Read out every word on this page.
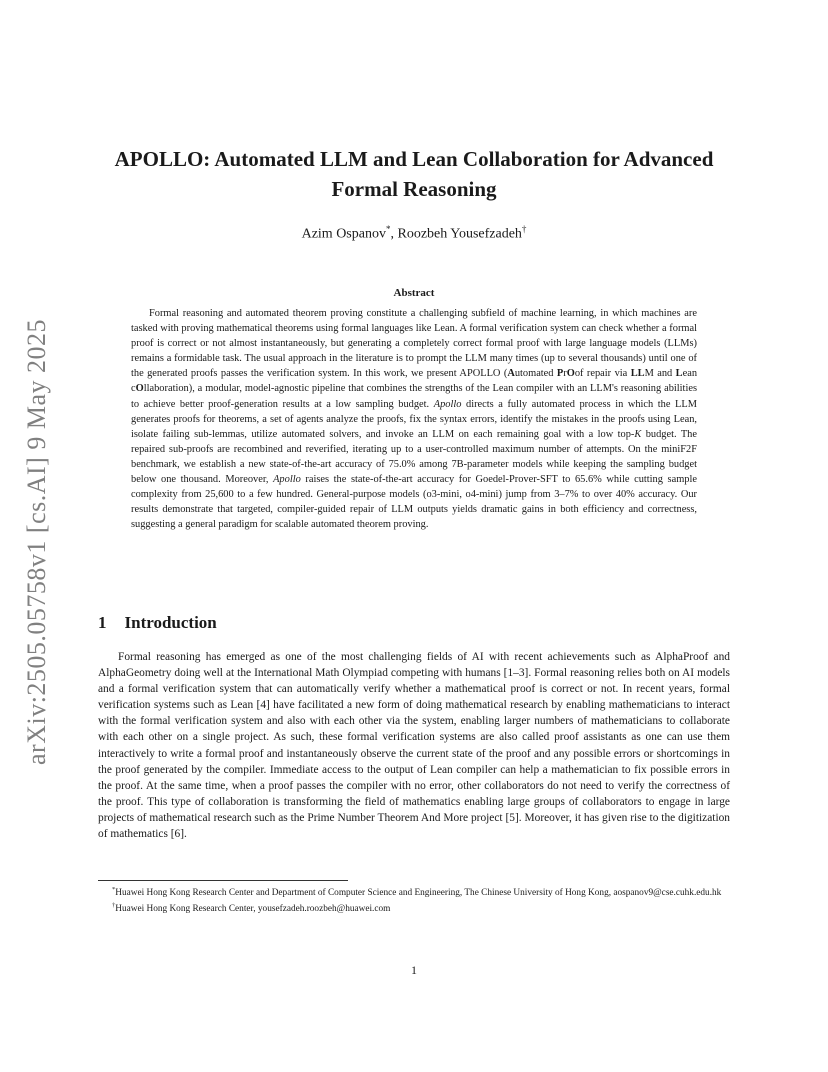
arXiv:2505.05758v1 [cs.AI] 9 May 2025
APOLLO: Automated LLM and Lean Collaboration for Advanced Formal Reasoning
Azim Ospanov*, Roozbeh Yousefzadeh†
Abstract

Formal reasoning and automated theorem proving constitute a challenging subfield of machine learning, in which machines are tasked with proving mathematical theorems using formal languages like Lean. A formal verification system can check whether a formal proof is correct or not almost instantaneously, but generating a completely correct formal proof with large language models (LLMs) remains a formidable task. The usual approach in the literature is to prompt the LLM many times (up to several thousands) until one of the generated proofs passes the verification system. In this work, we present APOLLO (Automated PrOof repair via LLM and Lean cOllaboration), a modular, model-agnostic pipeline that combines the strengths of the Lean compiler with an LLM's reasoning abilities to achieve better proof-generation results at a low sampling budget. Apollo directs a fully automated process in which the LLM generates proofs for theorems, a set of agents analyze the proofs, fix the syntax errors, identify the mistakes in the proofs using Lean, isolate failing sub-lemmas, utilize automated solvers, and invoke an LLM on each remaining goal with a low top-K budget. The repaired sub-proofs are recombined and reverified, iterating up to a user-controlled maximum number of attempts. On the miniF2F benchmark, we establish a new state-of-the-art accuracy of 75.0% among 7B-parameter models while keeping the sampling budget below one thousand. Moreover, Apollo raises the state-of-the-art accuracy for Goedel-Prover-SFT to 65.6% while cutting sample complexity from 25,600 to a few hundred. General-purpose models (o3-mini, o4-mini) jump from 3–7% to over 40% accuracy. Our results demonstrate that targeted, compiler-guided repair of LLM outputs yields dramatic gains in both efficiency and correctness, suggesting a general paradigm for scalable automated theorem proving.

1 Introduction

Formal reasoning has emerged as one of the most challenging fields of AI with recent achievements such as AlphaProof and AlphaGeometry doing well at the International Math Olympiad competing with humans [1–3]. Formal reasoning relies both on AI models and a formal verification system that can automatically verify whether a mathematical proof is correct or not. In recent years, formal verification systems such as Lean [4] have facilitated a new form of doing mathematical research by enabling mathematicians to interact with the formal verification system and also with each other via the system, enabling larger numbers of mathematicians to collaborate with each other on a single project. As such, these formal verification systems are also called proof assistants as one can use them interactively to write a formal proof and instantaneously observe the current state of the proof and any possible errors or shortcomings in the proof generated by the compiler. Immediate access to the output of Lean compiler can help a mathematician to fix possible errors in the proof. At the same time, when a proof passes the compiler with no error, other collaborators do not need to verify the correctness of the proof. This type of collaboration is transforming the field of mathematics enabling large groups of collaborators to engage in large projects of mathematical research such as the Prime Number Theorem And More project [5]. Moreover, it has given rise to the digitization of mathematics [6].

*Huawei Hong Kong Research Center and Department of Computer Science and Engineering, The Chinese University of Hong Kong, aospanov9@cse.cuhk.edu.hk

†Huawei Hong Kong Research Center, yousefzadeh.roozbeh@huawei.com

1
